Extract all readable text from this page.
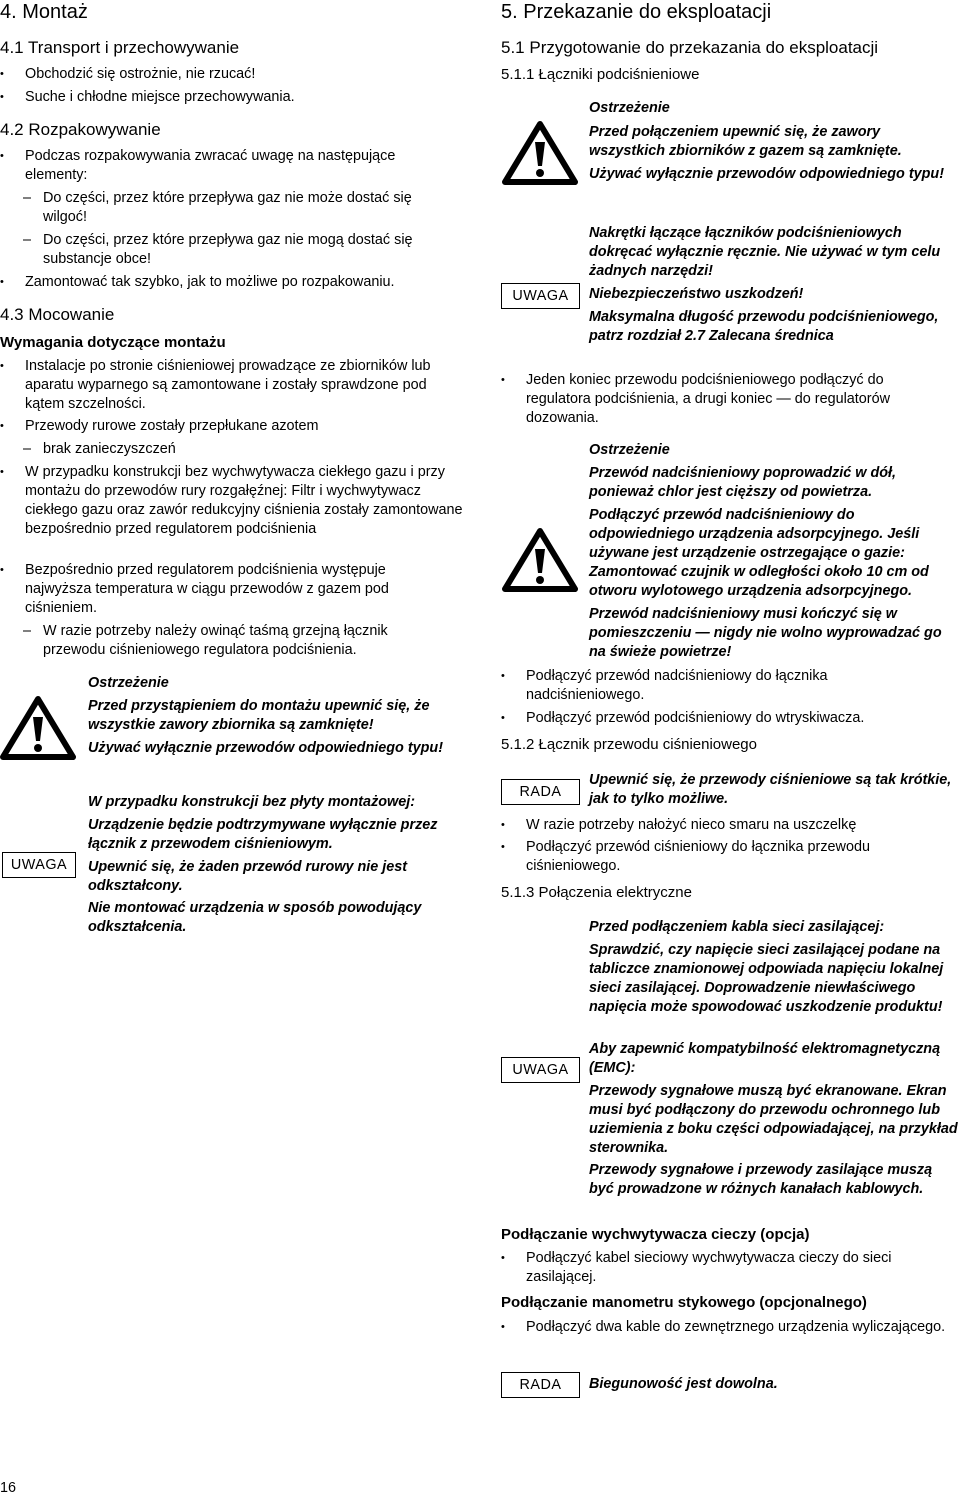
4. Montaż
4.1 Transport i przechowywanie
• Obchodzić się ostrożnie, nie rzucać!
• Suche i chłodne miejsce przechowywania.
4.2 Rozpakowywanie
• Podczas rozpakowywania zwracać uwagę na następujące elementy:
– Do części, przez które przepływa gaz nie może dostać się wilgoć!
– Do części, przez które przepływa gaz nie mogą dostać się substancje obce!
• Zamontować tak szybko, jak to możliwe po rozpakowaniu.
4.3 Mocowanie
Wymagania dotyczące montażu
• Instalacje po stronie ciśnieniowej prowadzące ze zbiorników lub aparatu wyparnego są zamontowane i zostały sprawdzone pod kątem szczelności.
• Przewody rurowe zostały przepłukane azotem
– brak zanieczyszczeń
• W przypadku konstrukcji bez wychwytywacza ciekłego gazu i przy montażu do przewodów rury rozgałęźnej: Filtr i wychwytywacz ciekłego gazu oraz zawór redukcyjny ciśnienia zostały zamontowane bezpośrednio przed regulatorem podciśnienia
• Bezpośrednio przed regulatorem podciśnienia występuje najwyższa temperatura w ciągu przewodów z gazem pod ciśnieniem.
– W razie potrzeby należy owinąć taśmą grzejną łącznik przewodu ciśnieniowego regulatora podciśnienia.
Ostrzeżenie
Przed przystąpieniem do montażu upewnić się, że wszystkie zawory zbiornika są zamknięte!
Używać wyłącznie przewodów odpowiedniego typu!
UWAGA
W przypadku konstrukcji bez płyty montażowej:
Urządzenie będzie podtrzymywane wyłącznie przez łącznik z przewodem ciśnieniowym.
Upewnić się, że żaden przewód rurowy nie jest odkształcony.
Nie montować urządzenia w sposób powodujący odkształcenia.
5. Przekazanie do eksploatacji
5.1 Przygotowanie do przekazania do eksploatacji
5.1.1 Łączniki podciśnieniowe
Ostrzeżenie
Przed połączeniem upewnić się, że zawory wszystkich zbiorników z gazem są zamknięte.
Używać wyłącznie przewodów odpowiedniego typu!
UWAGA
Nakrętki łączące łączników podciśnieniowych dokręcać wyłącznie ręcznie. Nie używać w tym celu żadnych narzędzi!
Niebezpieczeństwo uszkodzeń!
Maksymalna długość przewodu podciśnieniowego, patrz rozdział 2.7 Zalecana średnica
• Jeden koniec przewodu podciśnieniowego podłączyć do regulatora podciśnienia, a drugi koniec — do regulatorów dozowania.
Ostrzeżenie
Przewód nadciśnieniowy poprowadzić w dół, ponieważ chlor jest cięższy od powietrza.
Podłączyć przewód nadciśnieniowy do odpowiedniego urządzenia adsorpcyjnego. Jeśli używane jest urządzenie ostrzegające o gazie: Zamontować czujnik w odległości około 10 cm od otworu wylotowego urządzenia adsorpcyjnego.
Przewód nadciśnieniowy musi kończyć się w pomieszczeniu — nigdy nie wolno wyprowadzać go na świeże powietrze!
• Podłączyć przewód nadciśnieniowy do łącznika nadciśnieniowego.
• Podłączyć przewód podciśnieniowy do wtryskiwacza.
5.1.2 Łącznik przewodu ciśnieniowego
RADA
Upewnić się, że przewody ciśnieniowe są tak krótkie, jak to tylko możliwe.
• W razie potrzeby nałożyć nieco smaru na uszczelkę
• Podłączyć przewód ciśnieniowy do łącznika przewodu ciśnieniowego.
5.1.3 Połączenia elektryczne
UWAGA
Przed podłączeniem kabla sieci zasilającej:
Sprawdzić, czy napięcie sieci zasilającej podane na tabliczce znamionowej odpowiada napięciu lokalnej sieci zasilającej. Doprowadzenie niewłaściwego napięcia może spowodować uszkodzenie produktu!
Aby zapewnić kompatybilność elektromagnetyczną (EMC):
Przewody sygnałowe muszą być ekranowane. Ekran musi być podłączony do przewodu ochronnego lub uziemienia z boku części odpowiadającej, na przykład sterownika.
Przewody sygnałowe i przewody zasilające muszą być prowadzone w różnych kanałach kablowych.
Podłączanie wychwytywacza cieczy (opcja)
• Podłączyć kabel sieciowy wychwytywacza cieczy do sieci zasilającej.
Podłączanie manometru stykowego (opcjonalnego)
• Podłączyć dwa kable do zewnętrznego urządzenia wyliczającego.
RADA	Biegunowość jest dowolna.
16
